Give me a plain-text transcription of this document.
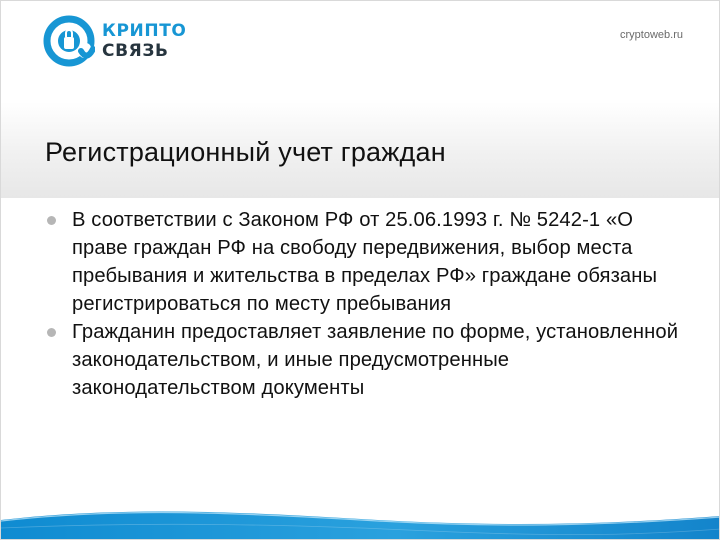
КРИПТО
СВЯЗЬ
cryptoweb.ru
Регистрационный учет граждан
В соответствии с Законом РФ от 25.06.1993 г. № 5242-1 «О праве граждан РФ на свободу передвижения, выбор места пребывания и жительства в пределах РФ» граждане обязаны регистрироваться по месту пребывания
Гражданин предоставляет заявление по форме, установленной законодательством, и иные предусмотренные законодательством документы
